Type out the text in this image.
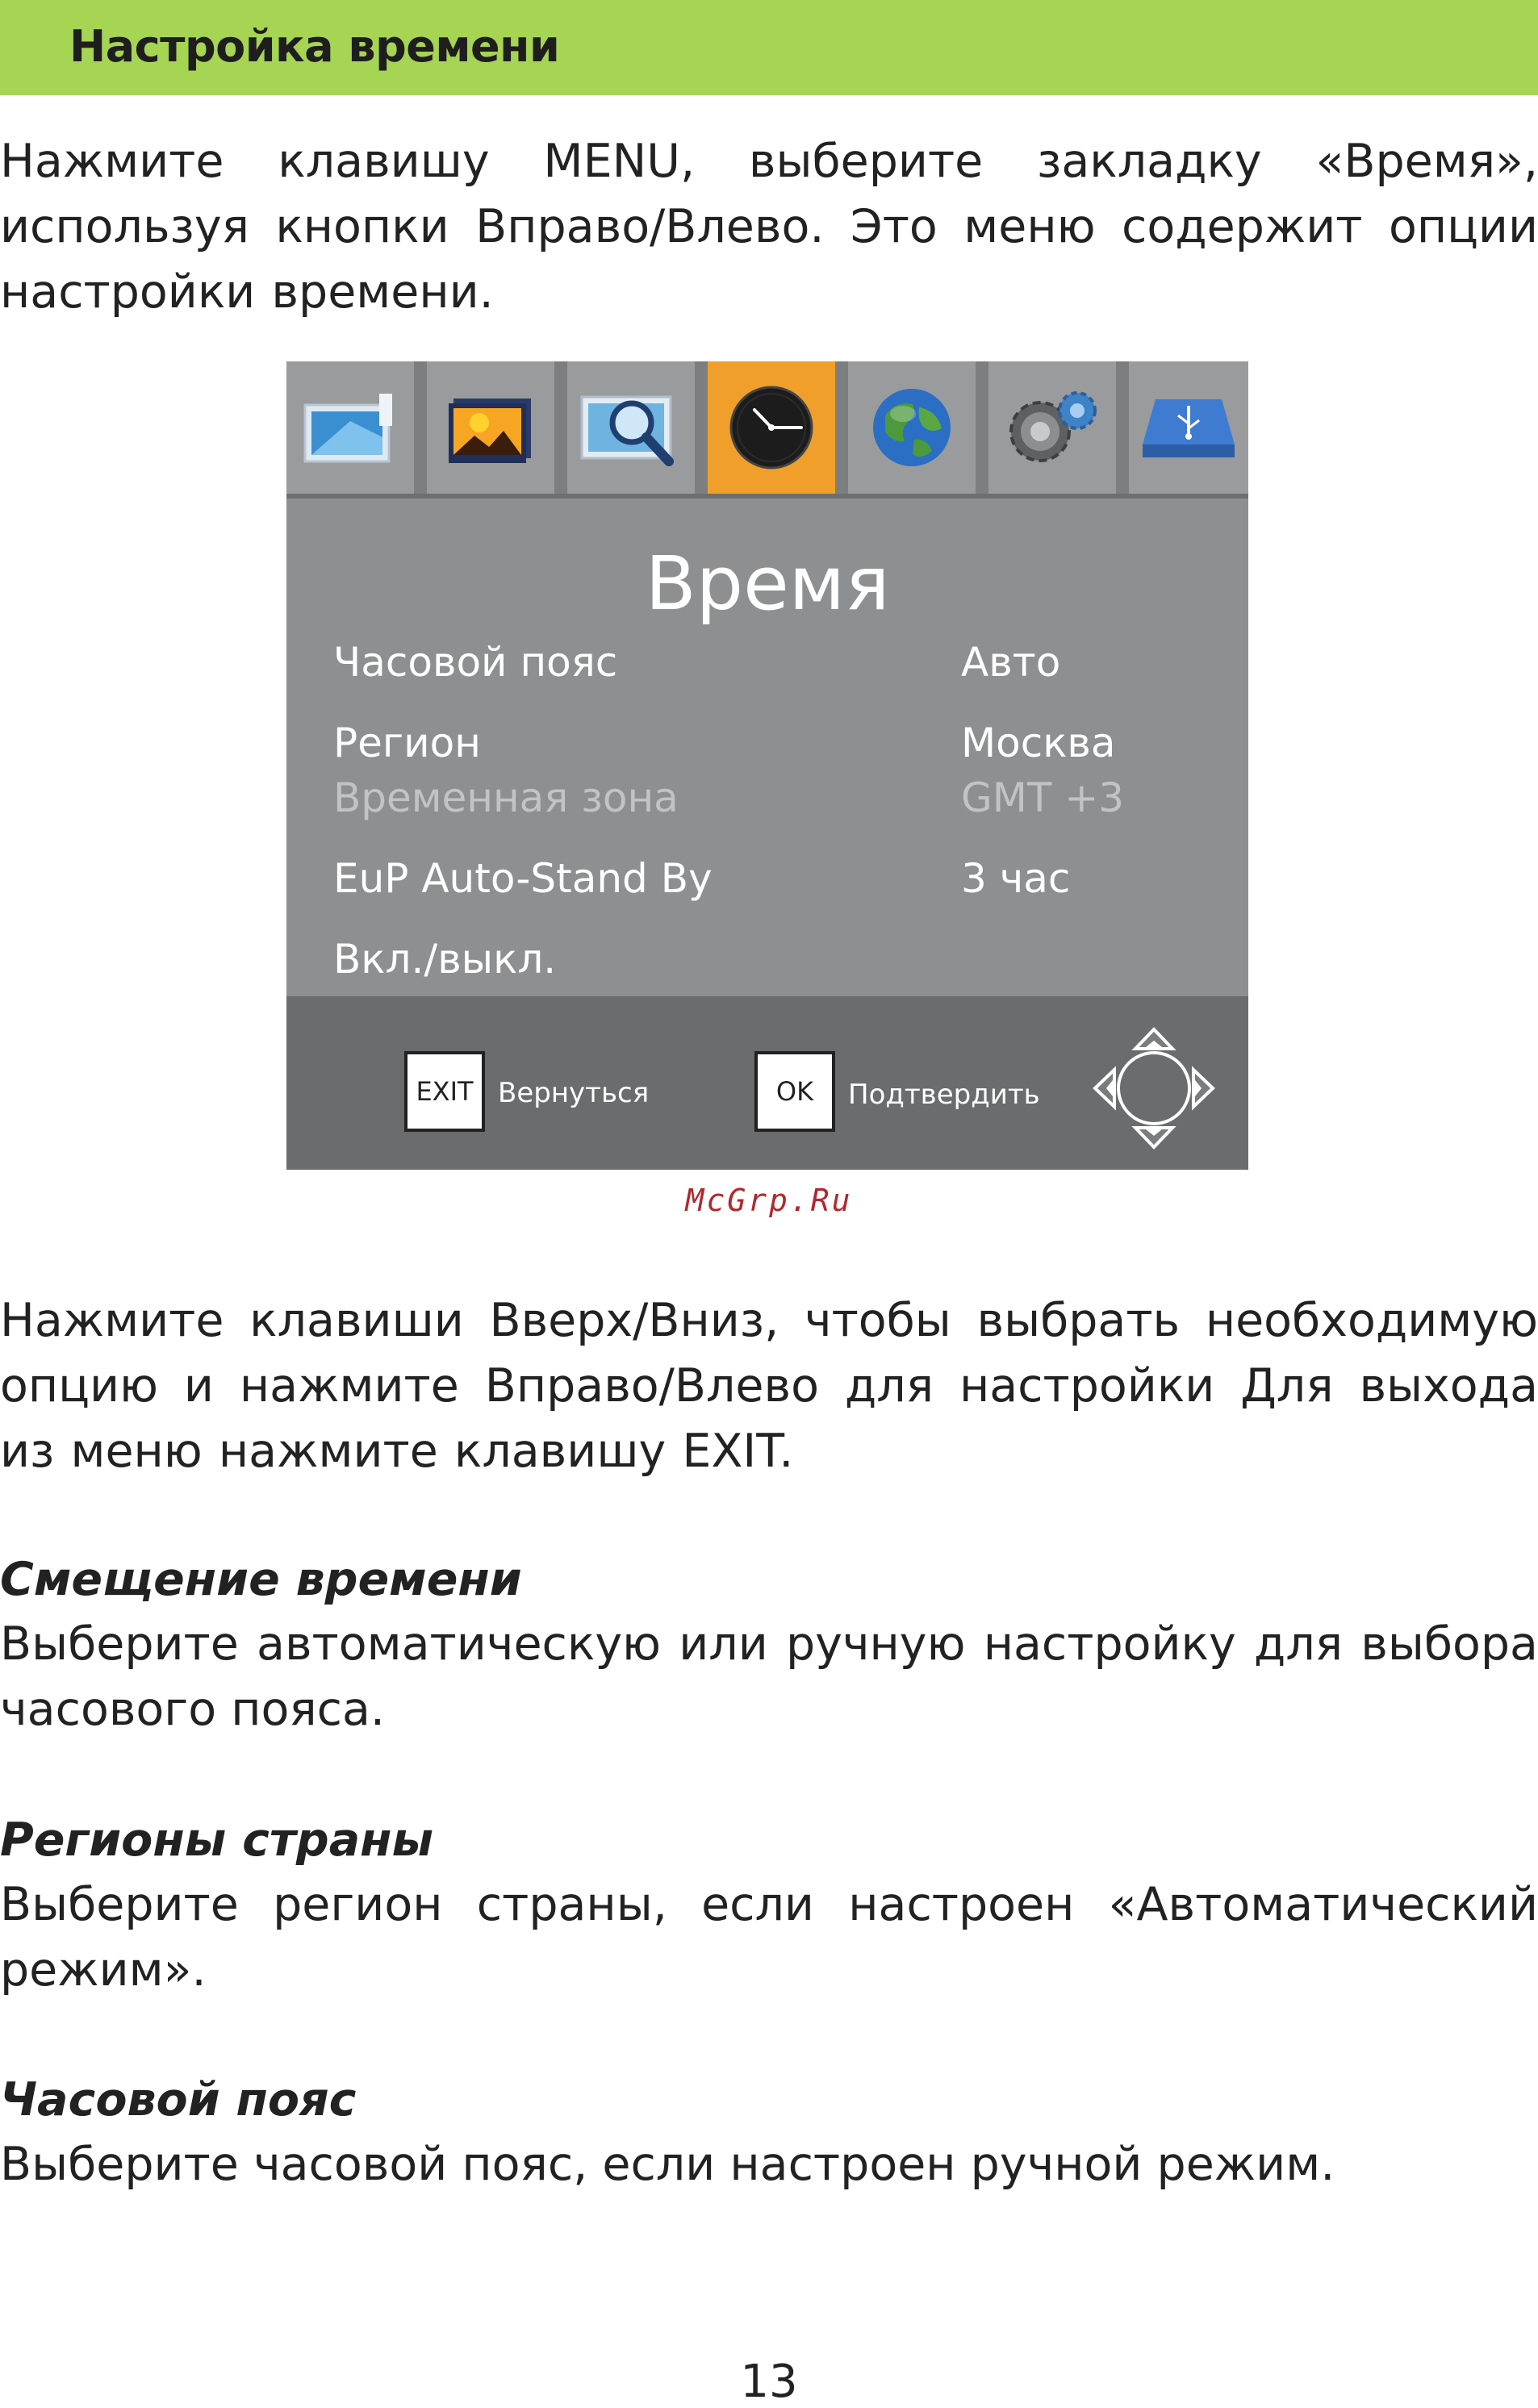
Настройка времени
Нажмите клавишу MENU, выберите закладку «Время», используя кнопки Вправо/Влево. Это меню содержит опции настройки времени.
Время
Часовой пояс	Авто
Регион	Москва
Временная зона	GMT +3
EuP Auto-Stand By	3 час
Вкл./выкл.
EXIT Вернуться	OK	Подтвердить
McGrp.Ru
Нажмите клавиши Вверх/Вниз, чтобы выбрать необходимую опцию и нажмите Вправо/Влево для настройки Для выхода из меню нажмите клавишу EXIT.
Смещение времени
Выберите автоматическую или ручную настройку для выбора часового пояса.
Регионы страны
Выберите регион страны, если настроен «Автоматический режим».
Часовой пояс
Выберите часовой пояс, если настроен ручной режим.
13
